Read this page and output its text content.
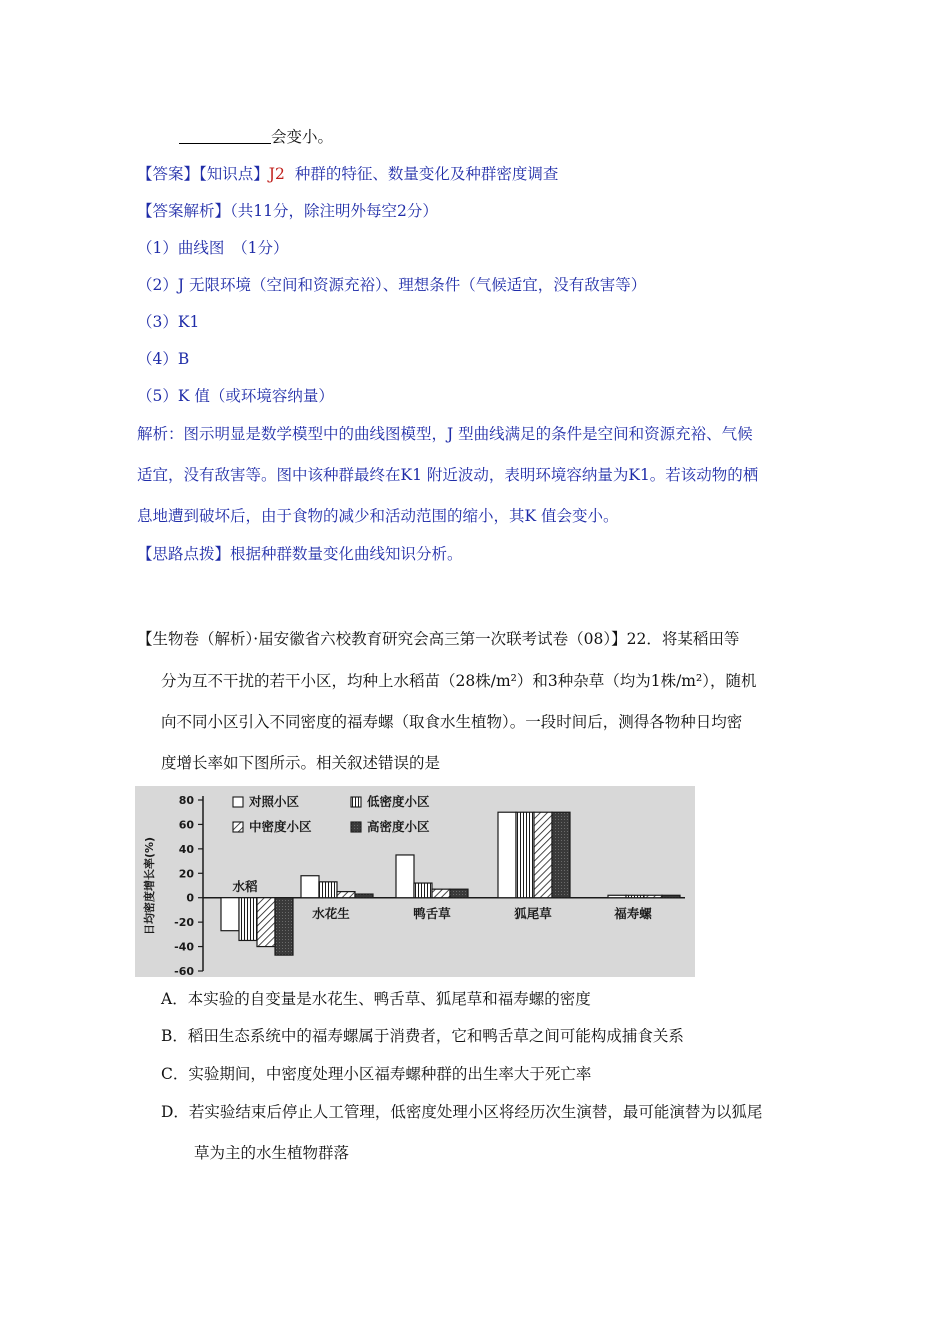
会变小。
【答案】【知识点】J2 种群的特征、数量变化及种群密度调查
【答案解析】（共11分，除注明外每空2分）
（1）曲线图　（1分）
（2）J 无限环境（空间和资源充裕）、理想条件（气候适宜，没有敌害等）
（3）K1
（4）B
（5）K 值（或环境容纳量）
解析：图示明显是数学模型中的曲线图模型，J 型曲线满足的条件是空间和资源充裕、气候
适宜，没有敌害等。图中该种群最终在K1 附近波动，表明环境容纳量为K1。若该动物的栖
息地遭到破坏后，由于食物的减少和活动范围的缩小，其K 值会变小。
【思路点拨】根据种群数量变化曲线知识分析。
【生物卷（解析）·届安徽省六校教育研究会高三第一次联考试卷（08）】22．将某稻田等
分为互不干扰的若干小区，均种上水稻苗（28株/m²）和3种杂草（均为1株/m²），随机
向不同小区引入不同密度的福寿螺（取食水生植物）。一段时间后，测得各物种日均密
度增长率如下图所示。相关叙述错误的是
80
60
40
20
0
-20
-40
-60
水稻
水花生	鸭舌草	狐尾草	福寿螺
对照小区	低密度小区
中密度小区	高密度小区
日均密度增长率(%)
A．本实验的自变量是水花生、鸭舌草、狐尾草和福寿螺的密度
B．稻田生态系统中的福寿螺属于消费者，它和鸭舌草之间可能构成捕食关系
C．实验期间，中密度处理小区福寿螺种群的出生率大于死亡率
D．若实验结束后停止人工管理，低密度处理小区将经历次生演替，最可能演替为以狐尾
草为主的水生植物群落
